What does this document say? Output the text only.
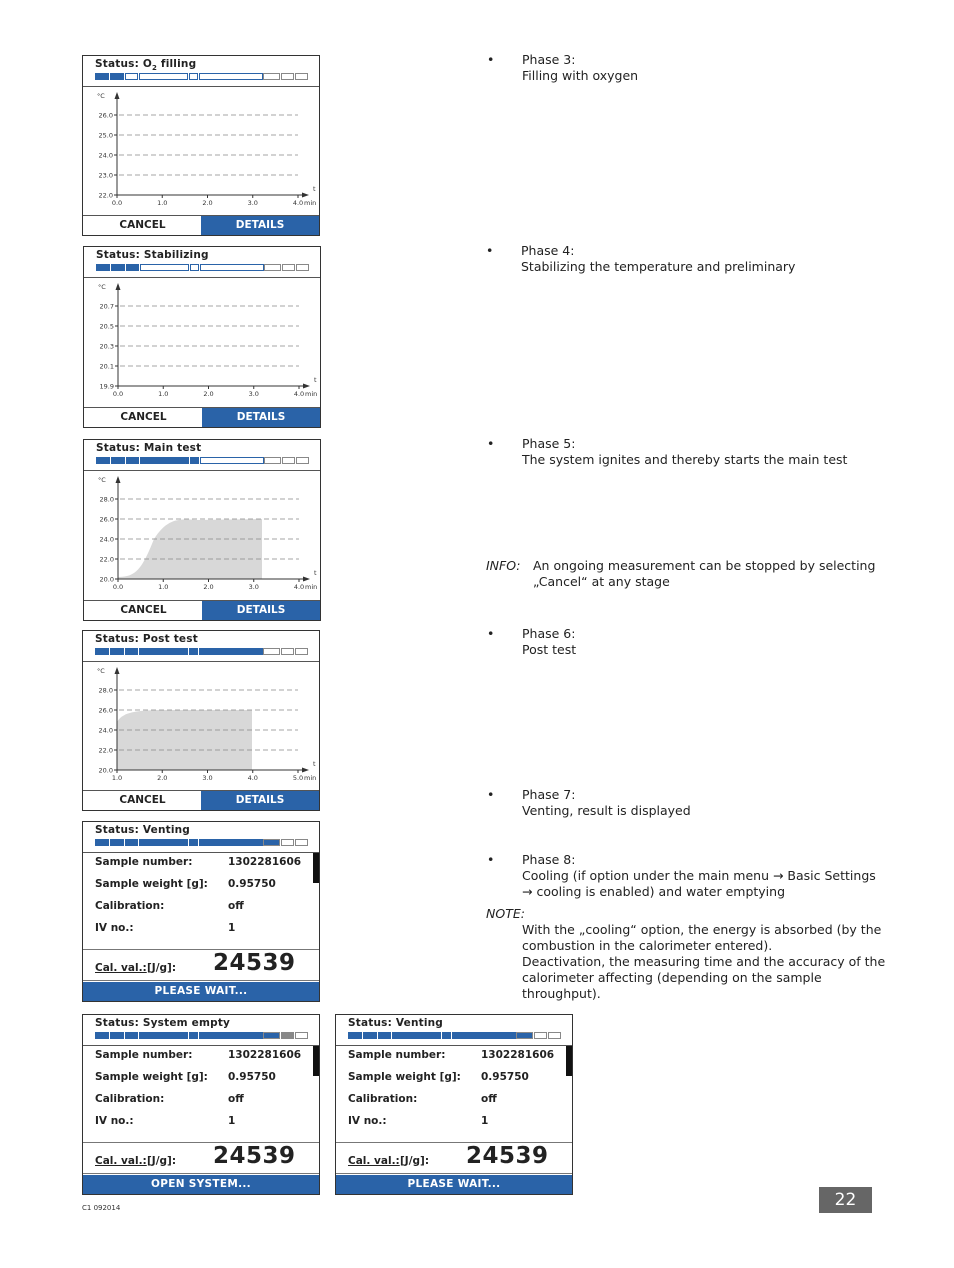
Status: $O_2$ filling
26.0
25.0
24.0
23.0
22.0
°C
0.0	1.0	2.0	3.0	4.0
t
min
CANCEL	DETAILS
Status: Stabilizing
20.7
20.5
20.3
20.1
19.9
°C
0.0	1.0	2.0	3.0	4.0
t
min
CANCEL	DETAILS
Status: Main test
28.0
26.0
24.0
22.0
20.0
°C
0.0	1.0	2.0	3.0	4.0
t
min
CANCEL	DETAILS
Status: Post test
28.0
26.0
24.0
22.0
20.0
°C
1.0	2.0	3.0	4.0	5.0
t
min
CANCEL	DETAILS
Status: Venting
Sample number:	1302281606
Sample weight [g]: 0.95750
Calibration:	off
IV no.:	1
Cal. val.: [J/g]: 24539
PLEASE WAIT...
Status: System empty
Sample number:	1302281606
Sample weight [g]: 0.95750
Calibration:	off
IV no.:	1
Cal. val.: [J/g]: 24539
OPEN SYSTEM...
Status: Venting
Sample number:	1302281606
Sample weight [g]: 0.95750
Calibration:	off
IV no.:	1
Cal. val.: [J/g]: 24539
PLEASE WAIT...
• Phase 3:
Filling with oxygen
• Phase 4:
Stabilizing the temperature and preliminary
• Phase 5:
The system ignites and thereby starts the main test
INFO: An ongoing measurement can be stopped by selecting
„Cancel“ at any stage
• Phase 6:
Post test
• Phase 7:
Venting, result is displayed
• Phase 8:
Cooling (if option under the main menu → Basic Settings
→ cooling is enabled) and water emptying
NOTE:
With the „cooling“ option, the energy is absorbed (by the
combustion in the calorimeter entered).
Deactivation, the measuring time and the accuracy of the
calorimeter affecting (depending on the sample
throughput).
22
C1 092014
